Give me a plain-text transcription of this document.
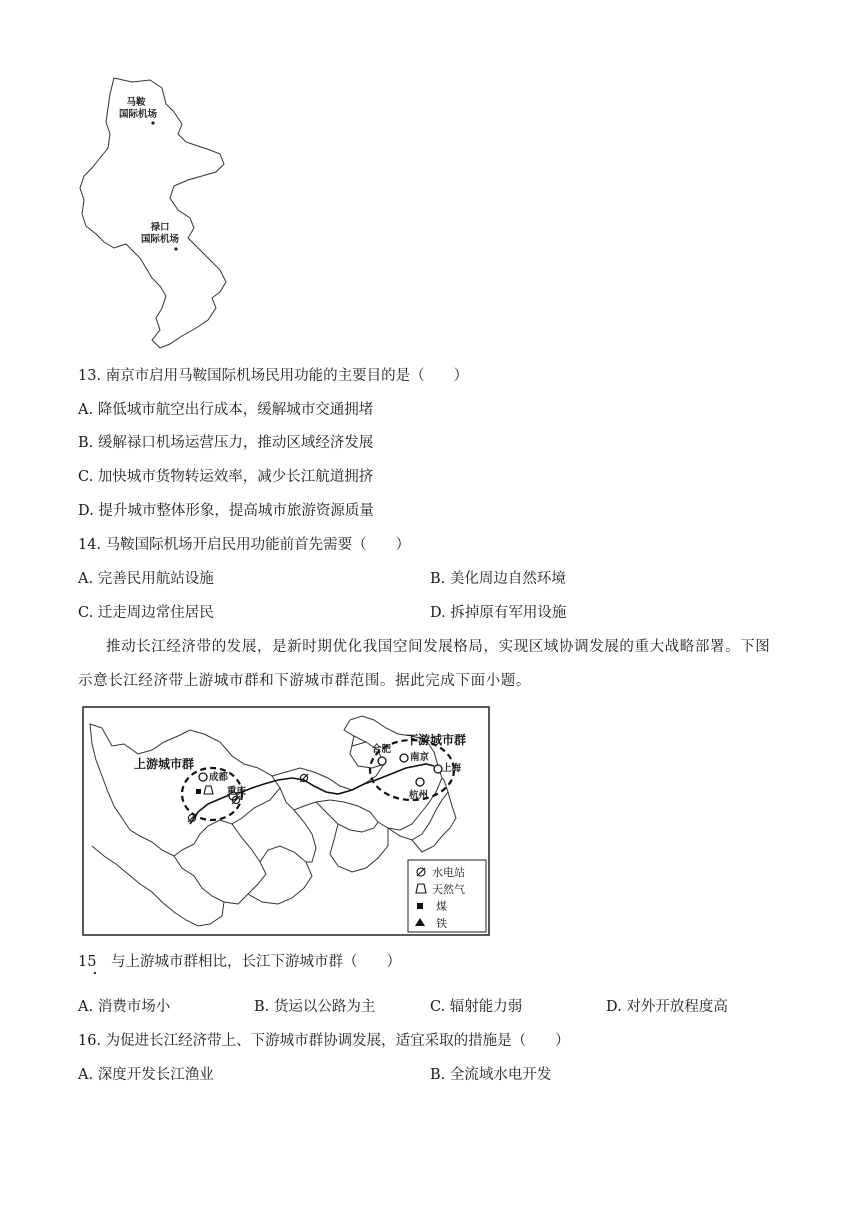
马鞍
国际机场
禄口
国际机场
13. 南京市启用马鞍国际机场民用功能的主要目的是（　　）
A. 降低城市航空出行成本，缓解城市交通拥堵
B. 缓解禄口机场运营压力，推动区域经济发展
C. 加快城市货物转运效率，减少长江航道拥挤
D. 提升城市整体形象，提高城市旅游资源质量
14. 马鞍国际机场开启民用功能前首先需要（　　）
A. 完善民用航站设施	B. 美化周边自然环境
C. 迁走周边常住居民	D. 拆掉原有军用设施
推动长江经济带的发展，是新时期优化我国空间发展格局，实现区域协调发展的重大战略部署。下图
示意长江经济带上游城市群和下游城市群范围。据此完成下面小题。
上游城市群
下游城市群
成都
重庆
合肥
南京
上海
杭州
水电站
天然气
煤
铁
15　与上游城市群相比，长江下游城市群（　　）
A. 消费市场小	B. 货运以公路为主	C. 辐射能力弱	D. 对外开放程度高
16. 为促进长江经济带上、下游城市群协调发展，适宜采取的措施是（　　）
A. 深度开发长江渔业	B. 全流域水电开发
